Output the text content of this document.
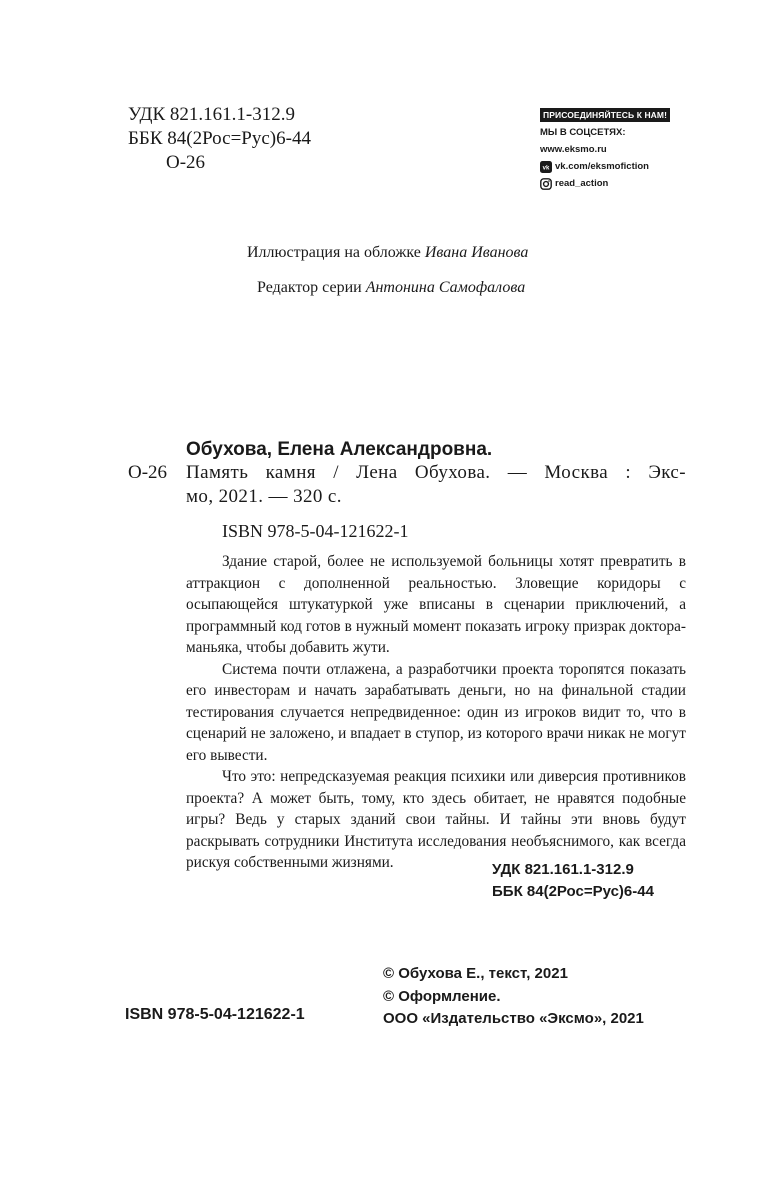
УДК 821.161.1-312.9
ББК 84(2Рос=Рус)6-44
О-26
ПРИСОЕДИНЯЙТЕСЬ К НАМ!
МЫ В СОЦСЕТЯХ:
www.eksmo.ru
vk vk.com/eksmofiction
read_action
Иллюстрация на обложке Ивана Иванова
Редактор серии Антонина Самофалова
Обухова, Елена Александровна.
О-26 Память камня / Лена Обухова. — Москва : Экс-
мо, 2021. — 320 с.
ISBN 978-5-04-121622-1

Здание старой, более не используемой больницы хотят превратить в аттракцион с дополненной реальностью. Зловещие коридоры с осыпающейся штукатуркой уже вписаны в сценарии приключений, а программный код готов в нужный момент показать игроку призрак доктора-маньяка, чтобы добавить жути.

Система почти отлажена, а разработчики проекта торопятся показать его инвесторам и начать зарабатывать деньги, но на финальной стадии тестирования случается непредвиденное: один из игроков видит то, что в сценарий не заложено, и впадает в ступор, из которого врачи никак не могут его вывести.

Что это: непредсказуемая реакция психики или диверсия противников проекта? А может быть, тому, кто здесь обитает, не нравятся подобные игры? Ведь у старых зданий свои тайны. И тайны эти вновь будут раскрывать сотрудники Института исследования необъяснимого, как всегда рискуя собственными жизнями.	УДК 821.161.1-312.9
ББК 84(2Рос=Рус)6-44
© Обухова Е., текст, 2021
© Оформление.
ООО «Издательство «Эксмо», 2021
ISBN 978-5-04-121622-1
